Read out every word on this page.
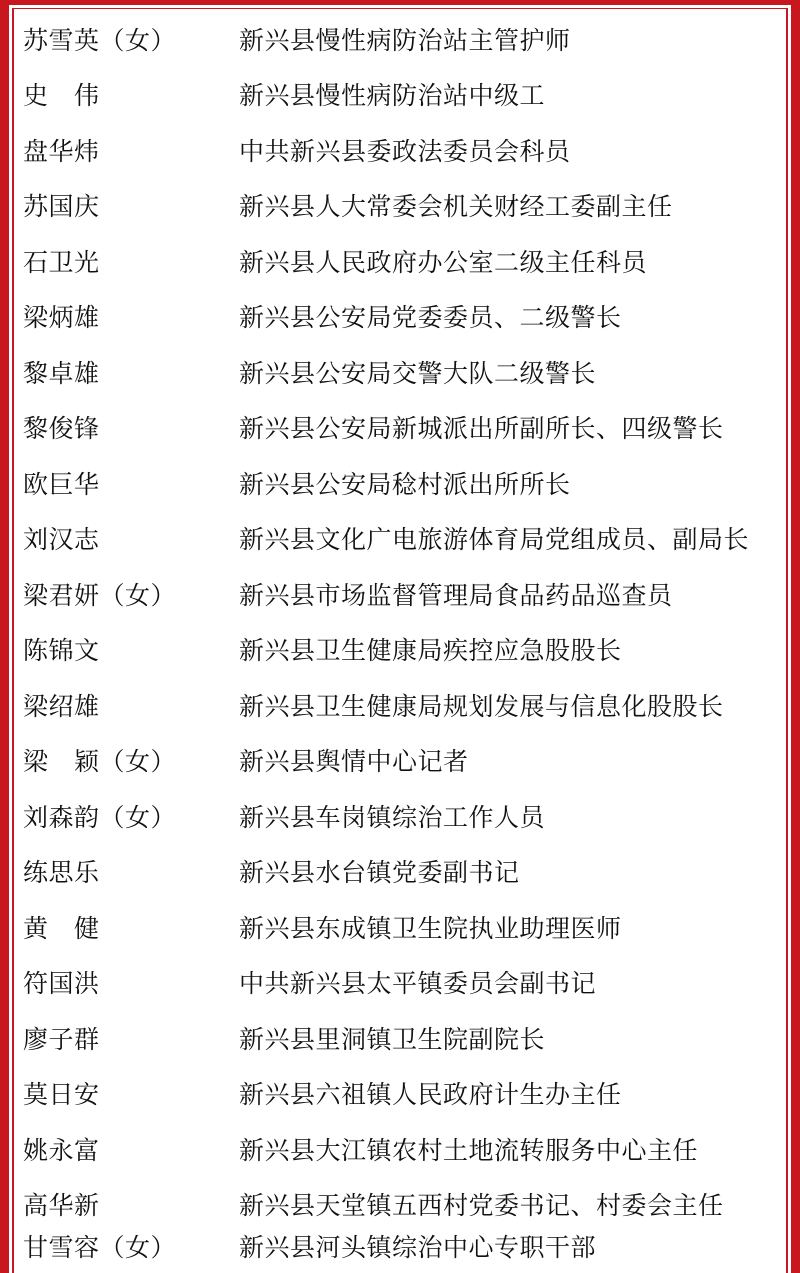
苏雪英（女）	新兴县慢性病防治站主管护师
史　伟	新兴县慢性病防治站中级工
盘华炜	中共新兴县委政法委员会科员
苏国庆	新兴县人大常委会机关财经工委副主任
石卫光	新兴县人民政府办公室二级主任科员
梁炳雄	新兴县公安局党委委员、二级警长
黎卓雄	新兴县公安局交警大队二级警长
黎俊锋	新兴县公安局新城派出所副所长、四级警长
欧巨华	新兴县公安局稔村派出所所长
刘汉志	新兴县文化广电旅游体育局党组成员、副局长
梁君妍（女）	新兴县市场监督管理局食品药品巡查员
陈锦文	新兴县卫生健康局疾控应急股股长
梁绍雄	新兴县卫生健康局规划发展与信息化股股长
梁　颖（女）	新兴县舆情中心记者
刘森韵（女）	新兴县车岗镇综治工作人员
练思乐	新兴县水台镇党委副书记
黄　健	新兴县东成镇卫生院执业助理医师
符国洪	中共新兴县太平镇委员会副书记
廖子群	新兴县里洞镇卫生院副院长
莫日安	新兴县六祖镇人民政府计生办主任
姚永富	新兴县大江镇农村土地流转服务中心主任
高华新	新兴县天堂镇五西村党委书记、村委会主任
甘雪容（女）	新兴县河头镇综治中心专职干部
